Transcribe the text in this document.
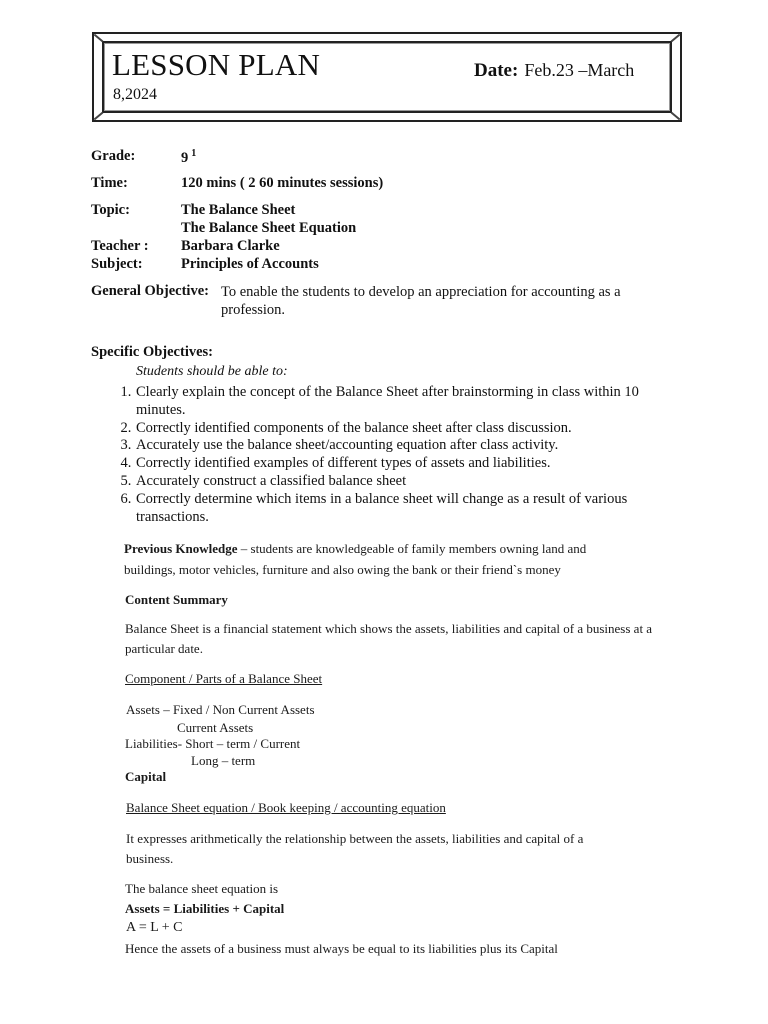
LESSON PLAN	Date: Feb.23 –March
8,2024
Grade:	9 $^1$
Time:	120 mins ( 2 60 minutes sessions)
Topic:	The Balance Sheet
The Balance Sheet Equation
Teacher : Barbara Clarke
Subject:	Principles of Accounts
General Objective: To enable the students to develop an appreciation for accounting as a profession.
Specific Objectives:
Students should be able to:
1. Clearly explain the concept of the Balance Sheet after brainstorming in class within 10 minutes.
2. Correctly identified components of the balance sheet after class discussion.
3. Accurately use the balance sheet/accounting equation after class activity.
4. Correctly identified examples of different types of assets and liabilities.
5. Accurately construct a classified balance sheet
6. Correctly determine which items in a balance sheet will change as a result of various transactions.
Previous Knowledge – students are knowledgeable of family members owning land and buildings, motor vehicles, furniture and also owing the bank or their friend`s money
Content Summary
Balance Sheet is a financial statement which shows the assets, liabilities and capital of a business at a particular date.
Component / Parts of a Balance Sheet
Assets – Fixed / Non Current Assets
Current Assets
Liabilities- Short – term / Current
Long – term
Capital
Balance Sheet equation / Book keeping / accounting equation
It expresses arithmetically the relationship between the assets, liabilities and capital of a business.
The balance sheet equation is
Assets = Liabilities + Capital
A = L + C
Hence the assets of a business must always be equal to its liabilities plus its Capital
